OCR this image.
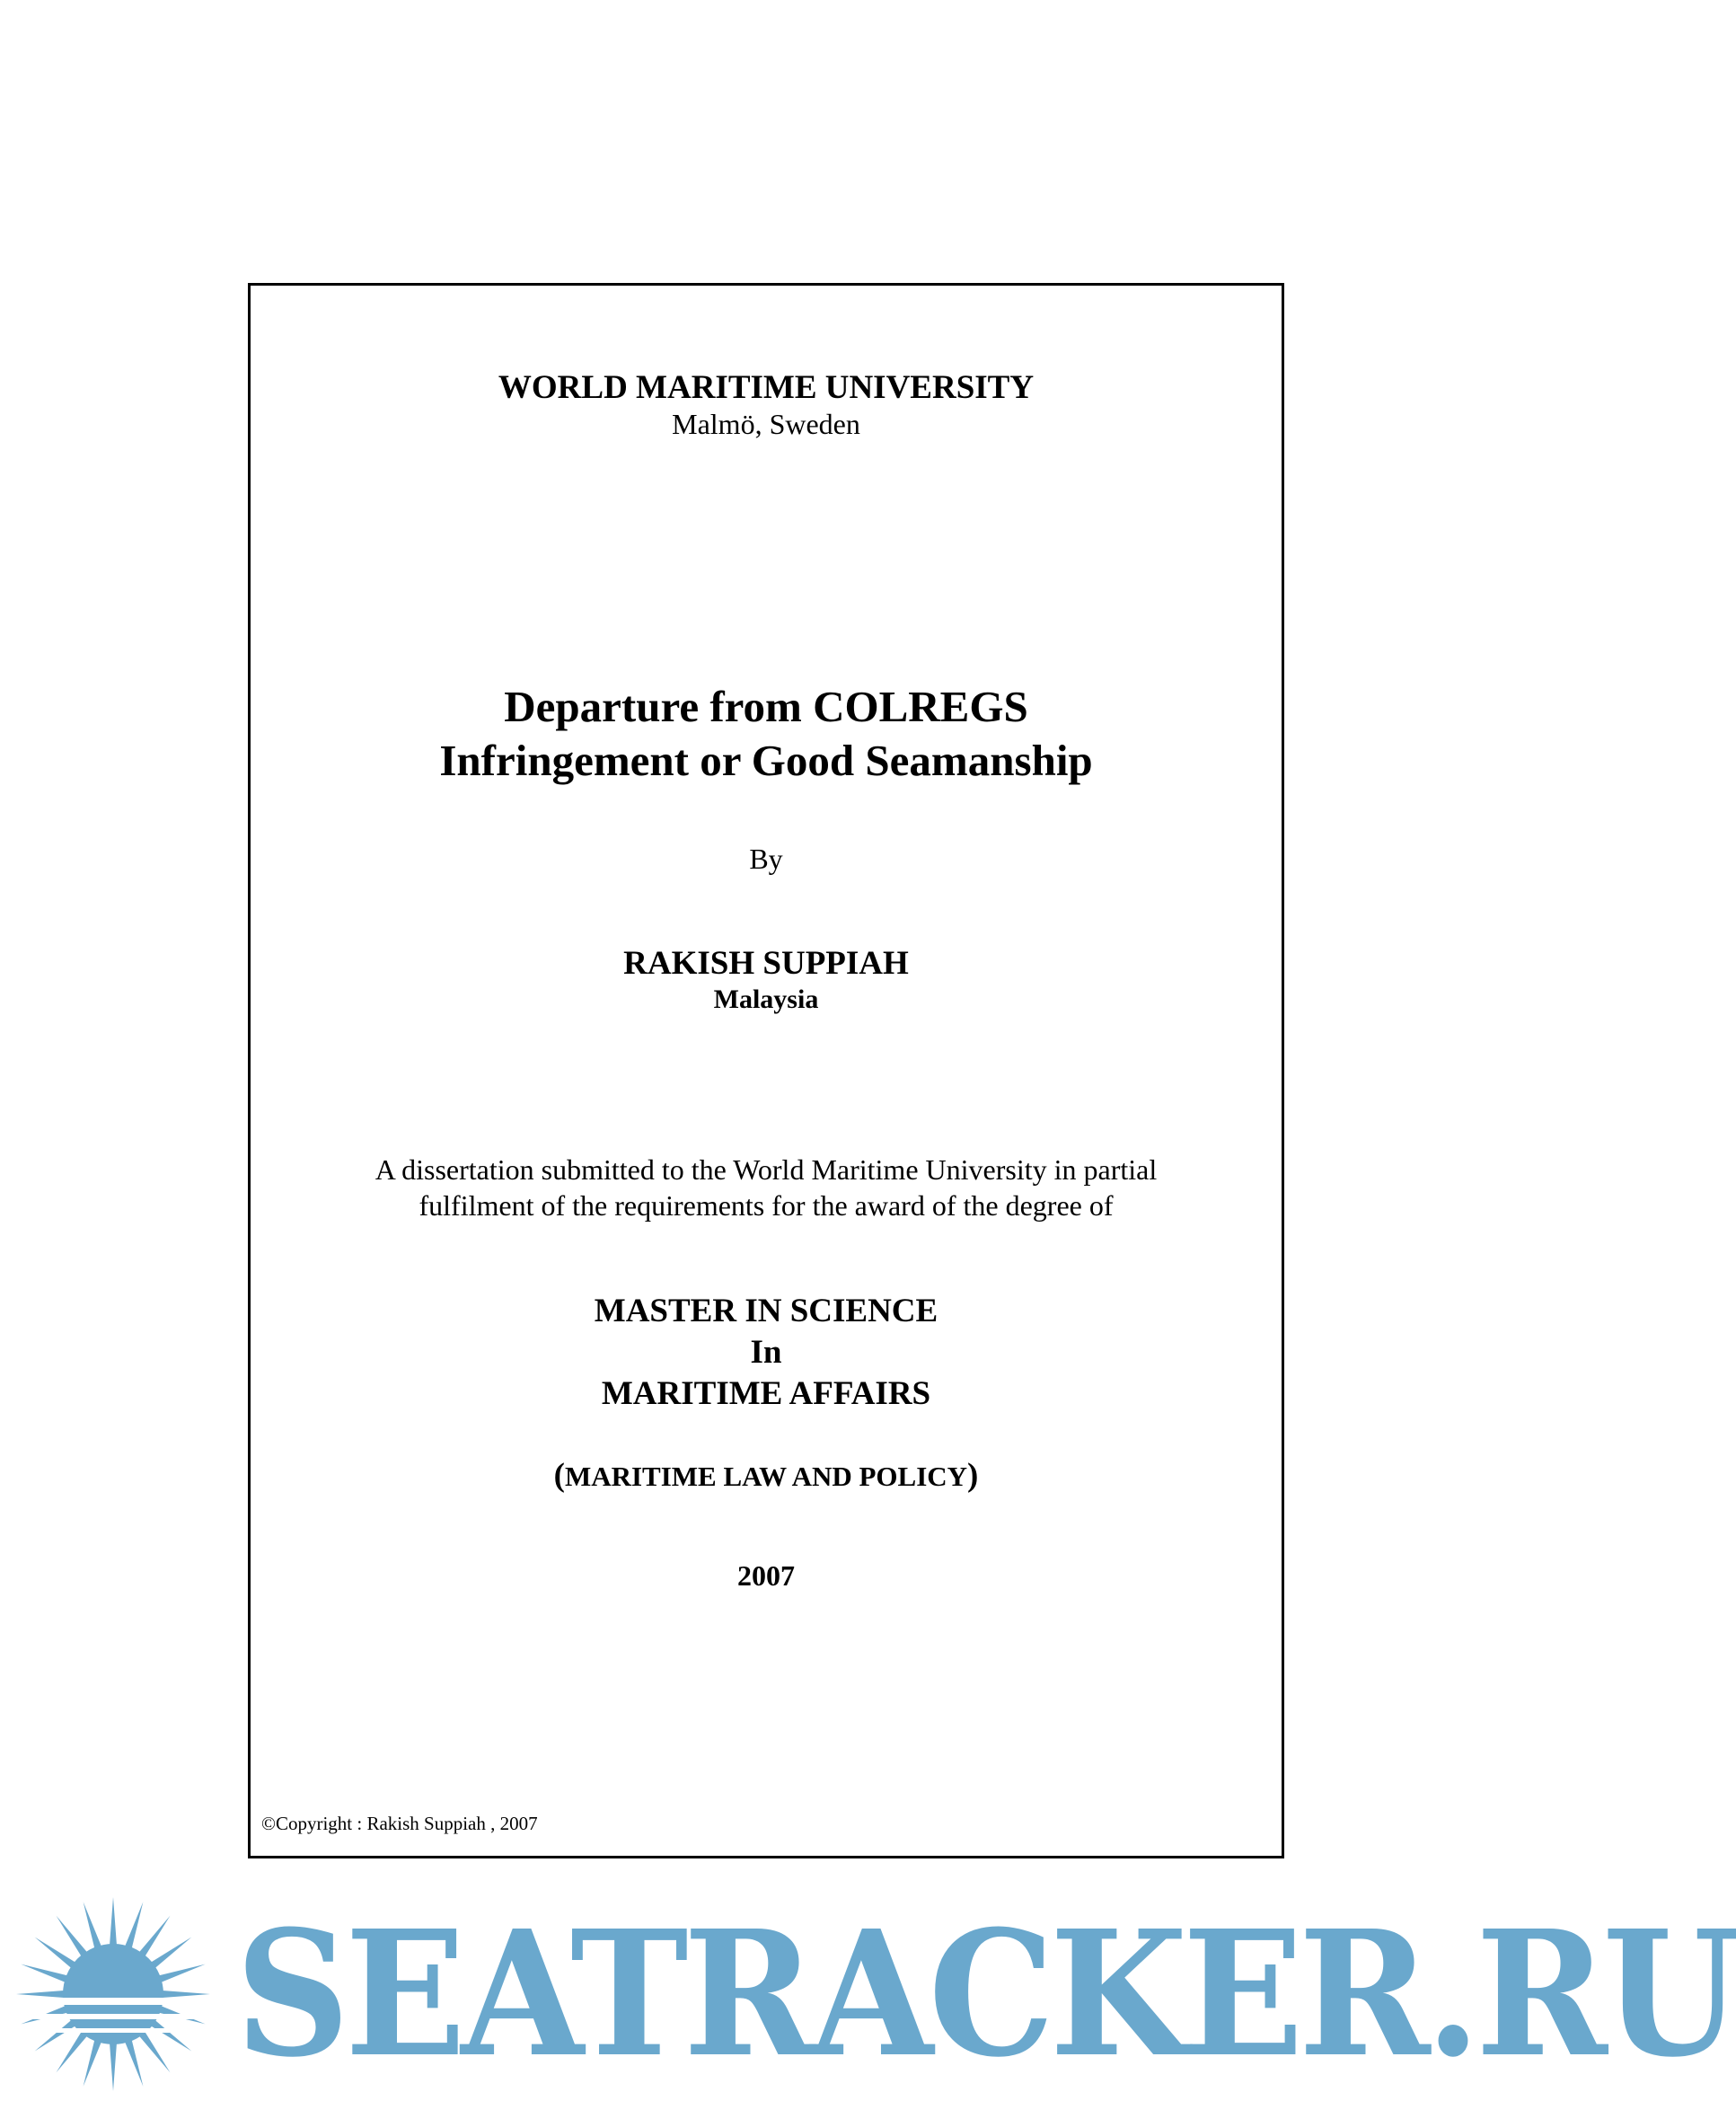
WORLD MARITIME UNIVERSITY

Malmö, Sweden

Departure from COLREGS

Infringement or Good Seamanship

By

RAKISH SUPPIAH

Malaysia

A dissertation submitted to the World Maritime University in partial

fulfilment of the requirements for the award of the degree of

MASTER IN SCIENCE

In

MARITIME AFFAIRS

(MARITIME LAW AND POLICY)

2007

©Copyright : Rakish Suppiah , 2007
SEATRACKER.RU
